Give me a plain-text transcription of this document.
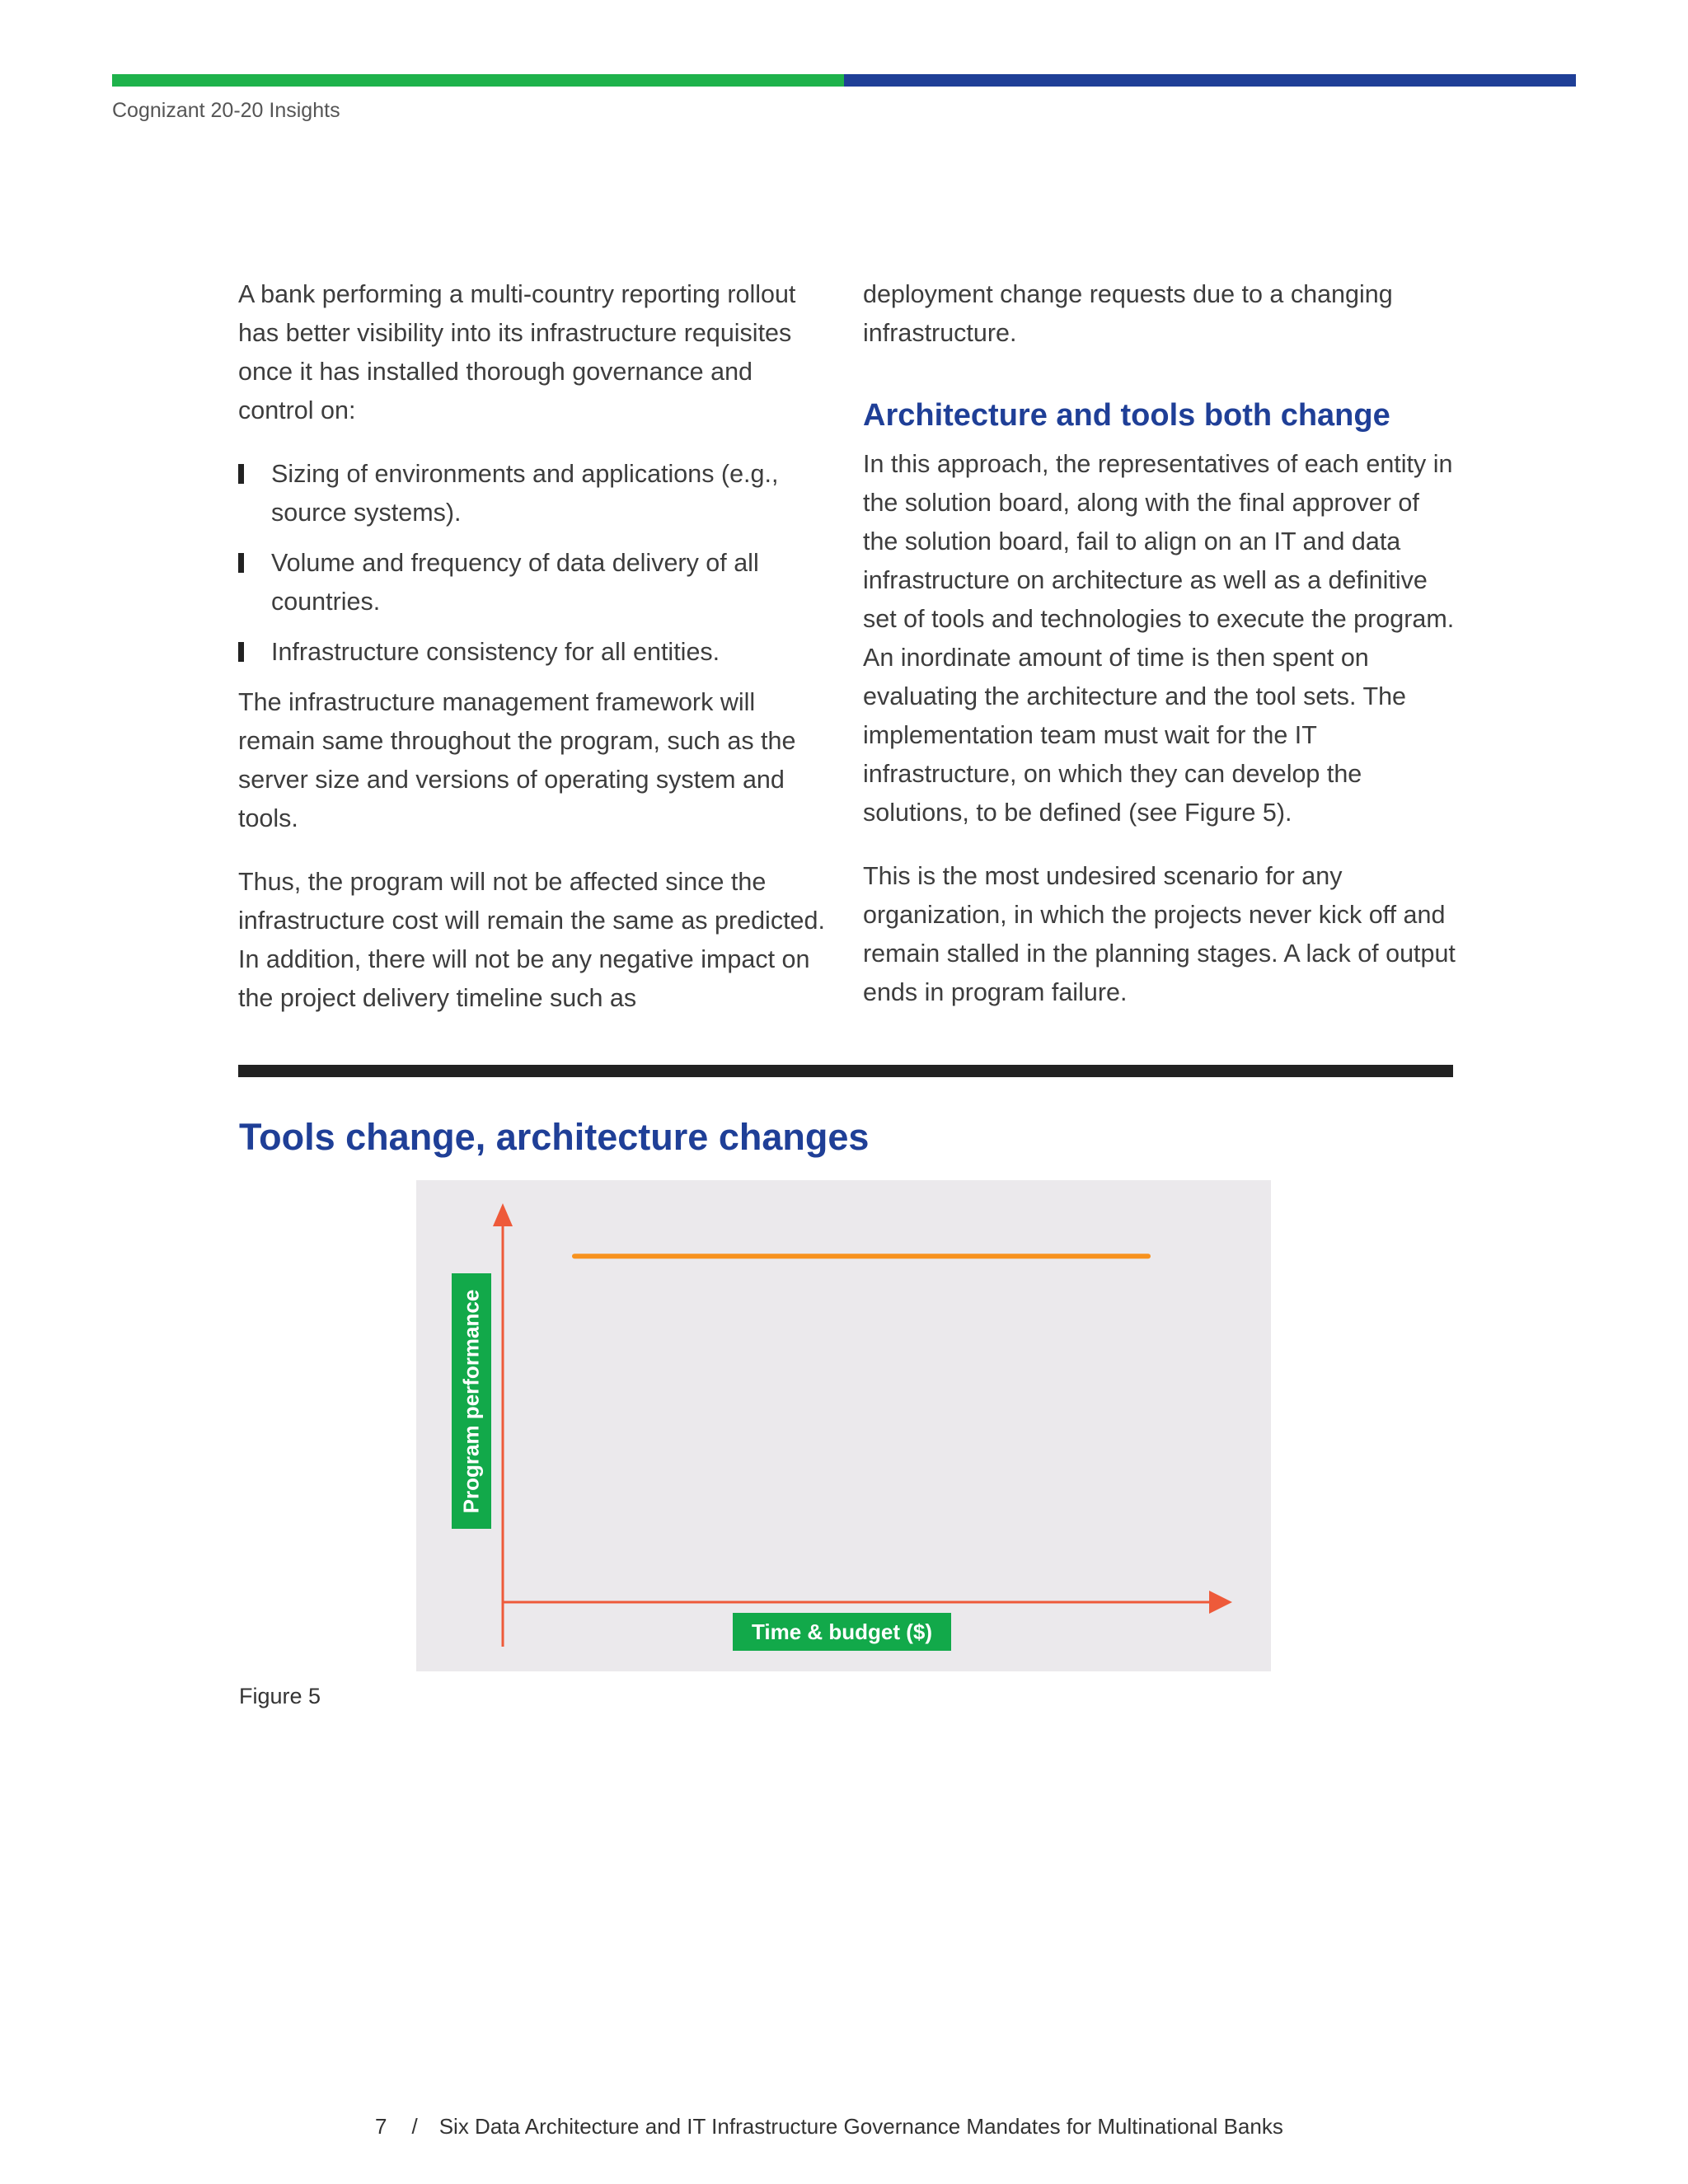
Cognizant 20-20 Insights

A bank performing a multi-country reporting rollout has better visibility into its infrastructure requisites once it has installed thorough governance and control on:

Sizing of environments and applications (e.g., source systems).
Volume and frequency of data delivery of all countries.
Infrastructure consistency for all entities.

The infrastructure management framework will remain same throughout the program, such as the server size and versions of operating system and tools.

Thus, the program will not be affected since the infrastructure cost will remain the same as predicted. In addition, there will not be any negative impact on the project delivery timeline such as

deployment change requests due to a changing infrastructure.

Architecture and tools both change

In this approach, the representatives of each entity in the solution board, along with the final approver of the solution board, fail to align on an IT and data infrastructure on architecture as well as a definitive set of tools and technologies to execute the program. An inordinate amount of time is then spent on evaluating the architecture and the tool sets. The implementation team must wait for the IT infrastructure, on which they can develop the solutions, to be defined (see Figure 5).

This is the most undesired scenario for any organization, in which the projects never kick off and remain stalled in the planning stages. A lack of output ends in program failure.

Tools change, architecture changes
Program performance
Time & budget ($)
Figure 5
7 / Six Data Architecture and IT Infrastructure Governance Mandates for Multinational Banks
